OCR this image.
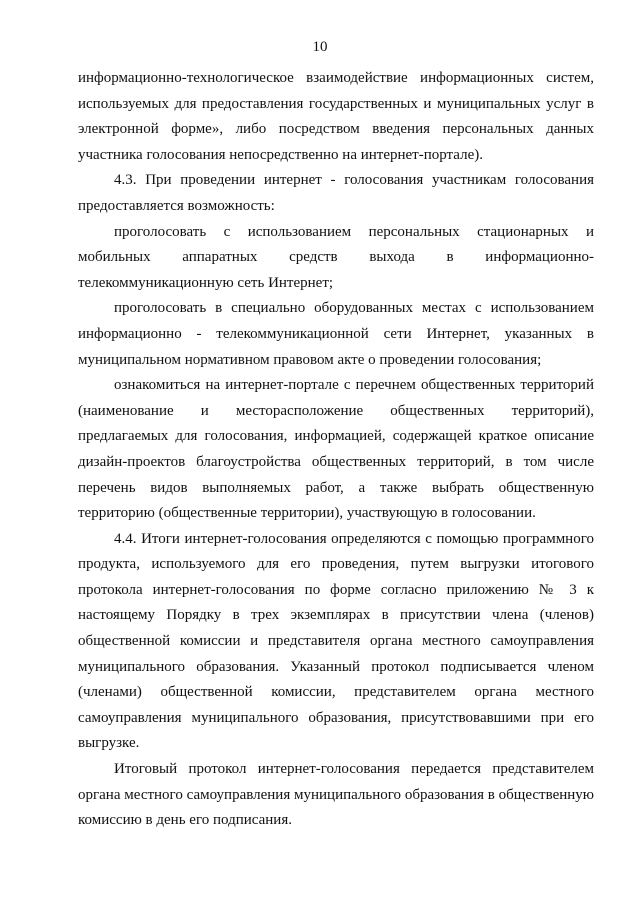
10

информационно-технологическое взаимодействие информационных систем, используемых для предоставления государственных и муниципальных услуг в электронной форме», либо посредством введения персональных данных участника голосования непосредственно на интернет-портале).

4.3. При проведении интернет - голосования участникам голосования предоставляется возможность:

проголосовать с использованием персональных стационарных и мобильных аппаратных средств выхода в информационно-телекоммуникационную сеть Интернет;

проголосовать в специально оборудованных местах с использованием информационно - телекоммуникационной сети Интернет, указанных в муниципальном нормативном правовом акте о проведении голосования;

ознакомиться на интернет-портале с перечнем общественных территорий (наименование и месторасположение общественных территорий), предлагаемых для голосования, информацией, содержащей краткое описание дизайн-проектов благоустройства общественных территорий, в том числе перечень видов выполняемых работ, а также выбрать общественную территорию (общественные территории), участвующую в голосовании.

4.4. Итоги интернет-голосования определяются с помощью программного продукта, используемого для его проведения, путем выгрузки итогового протокола интернет-голосования по форме согласно приложению № 3 к настоящему Порядку в трех экземплярах в присутствии члена (членов) общественной комиссии и представителя органа местного самоуправления муниципального образования. Указанный протокол подписывается членом (членами) общественной комиссии, представителем органа местного самоуправления муниципального образования, присутствовавшими при его выгрузке.

Итоговый протокол интернет-голосования передается представителем органа местного самоуправления муниципального образования в общественную комиссию в день его подписания.
